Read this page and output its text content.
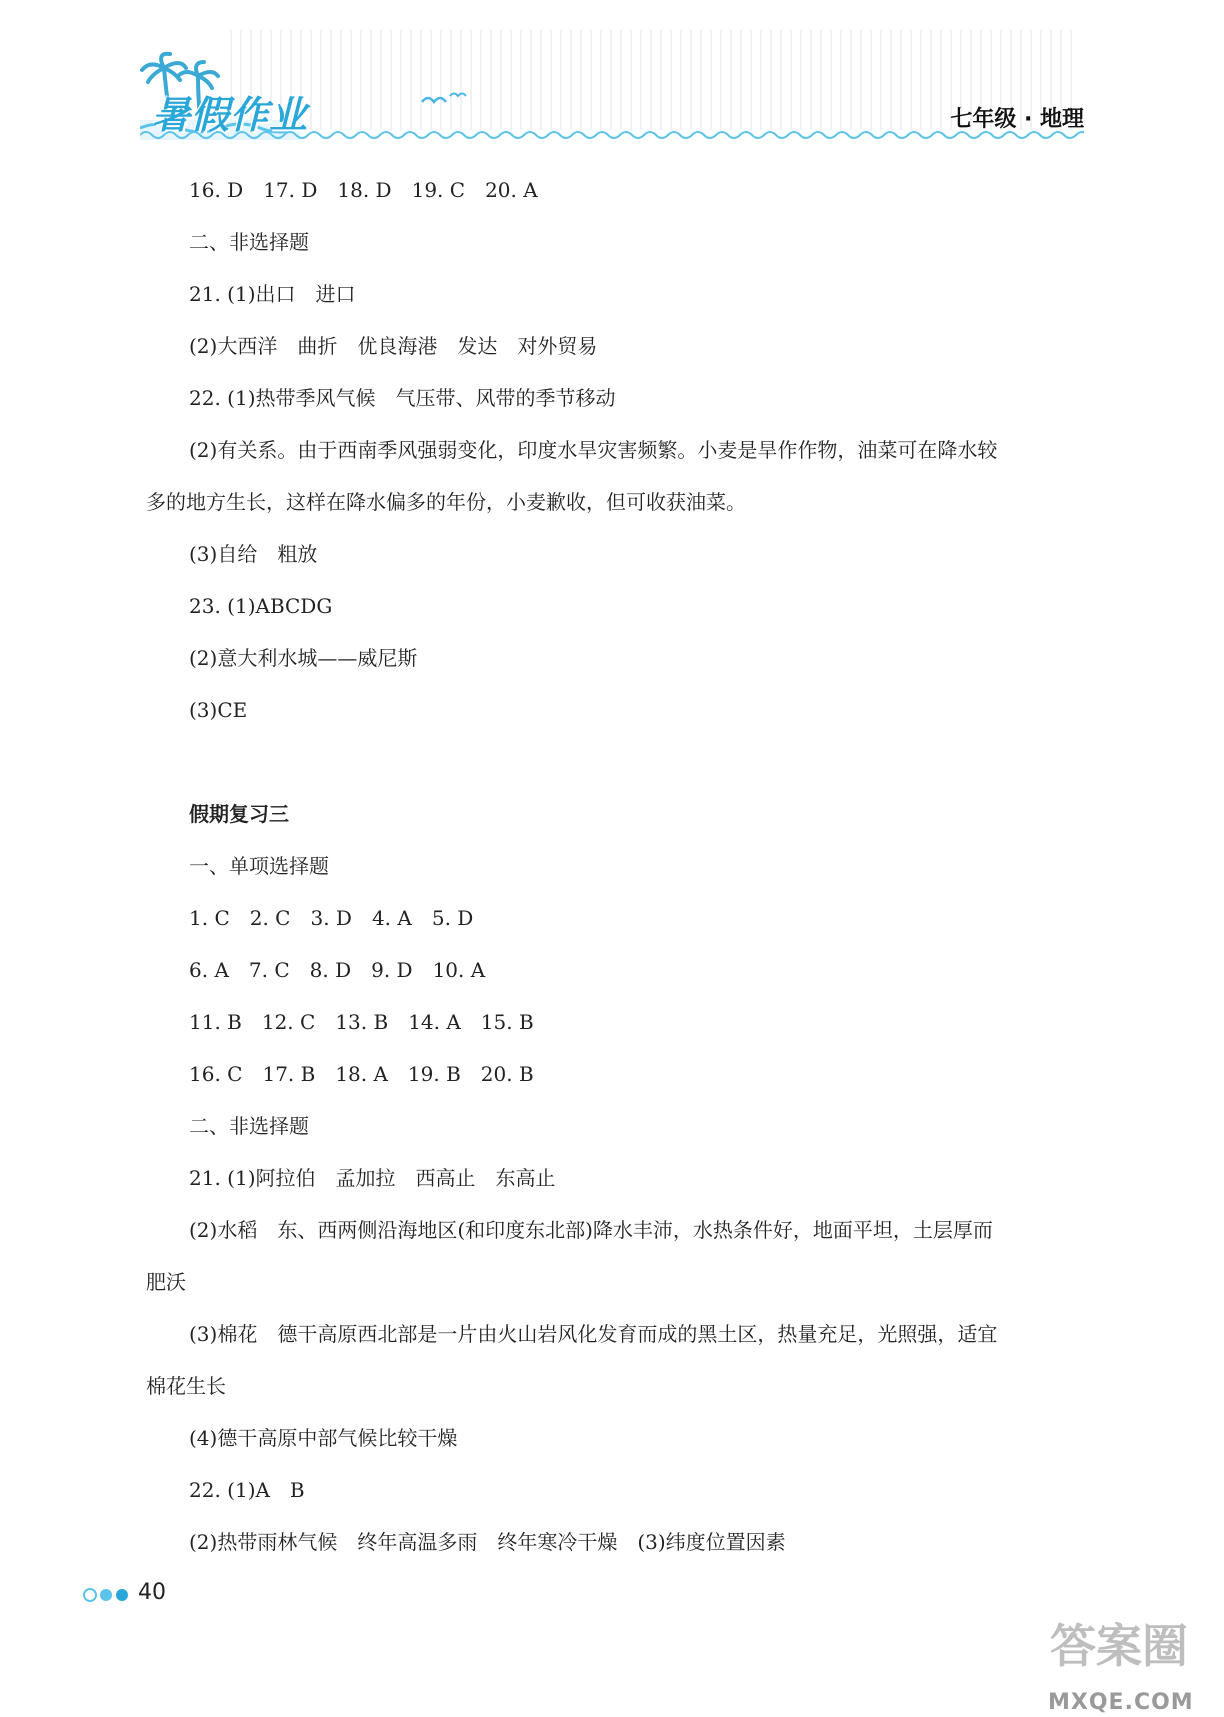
暑假作业	七年级 · 地理
16. D　17. D　18. D　19. C　20. A
二、非选择题
21. (1)出口　进口
(2)大西洋　曲折　优良海港　发达　对外贸易
22. (1)热带季风气候　气压带、风带的季节移动
(2)有关系。由于西南季风强弱变化，印度水旱灾害频繁。小麦是旱作作物，油菜可在降水较
多的地方生长，这样在降水偏多的年份，小麦歉收，但可收获油菜。
(3)自给　粗放
23. (1)ABCDG
(2)意大利水城——威尼斯
(3)CE
假期复习三
一、单项选择题
1. C　2. C　3. D　4. A　5. D
6. A　7. C　8. D　9. D　10. A
11. B　12. C　13. B　14. A　15. B
16. C　17. B　18. A　19. B　20. B
二、非选择题
21. (1)阿拉伯　孟加拉　西高止　东高止
(2)水稻　东、西两侧沿海地区(和印度东北部)降水丰沛，水热条件好，地面平坦，土层厚而
肥沃
(3)棉花　德干高原西北部是一片由火山岩风化发育而成的黑土区，热量充足，光照强，适宜
棉花生长
(4)德干高原中部气候比较干燥
22. (1)A　B
(2)热带雨林气候　终年高温多雨　终年寒冷干燥　(3)纬度位置因素
40
答案圈
MXQE.COM
